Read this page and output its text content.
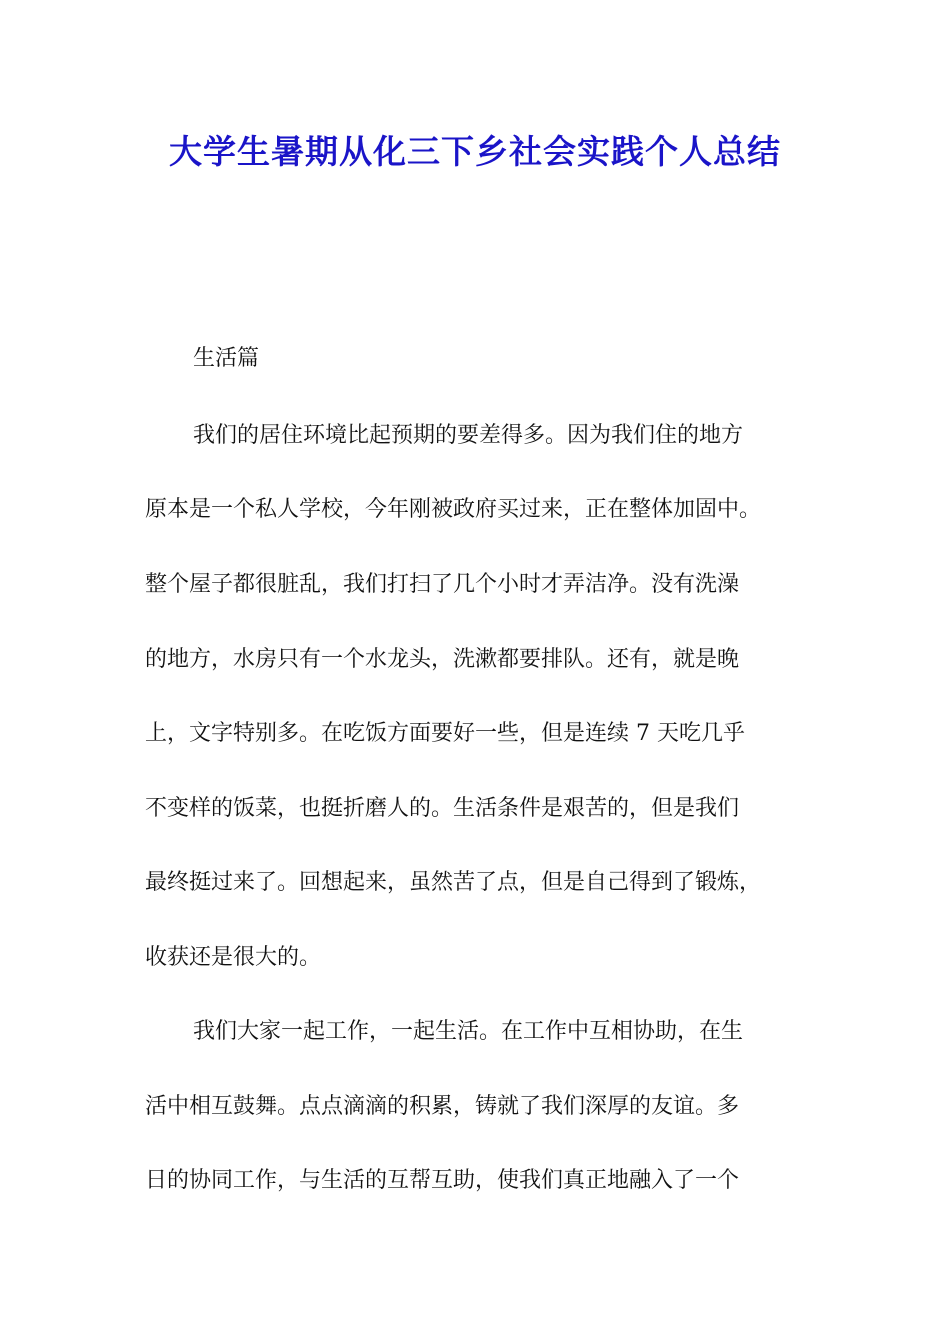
大学生暑期从化三下乡社会实践个人总结

生活篇

我们的居住环境比起预期的要差得多。因为我们住的地方

原本是一个私人学校，今年刚被政府买过来，正在整体加固中。

整个屋子都很脏乱，我们打扫了几个小时才弄洁净。没有洗澡

的地方，水房只有一个水龙头，洗漱都要排队。还有，就是晚

上，文字特别多。在吃饭方面要好一些，但是连续 7 天吃几乎

不变样的饭菜，也挺折磨人的。生活条件是艰苦的，但是我们

最终挺过来了。回想起来，虽然苦了点，但是自己得到了锻炼，

收获还是很大的。

我们大家一起工作，一起生活。在工作中互相协助，在生

活中相互鼓舞。点点滴滴的积累，铸就了我们深厚的友谊。多

日的协同工作，与生活的互帮互助，使我们真正地融入了一个
